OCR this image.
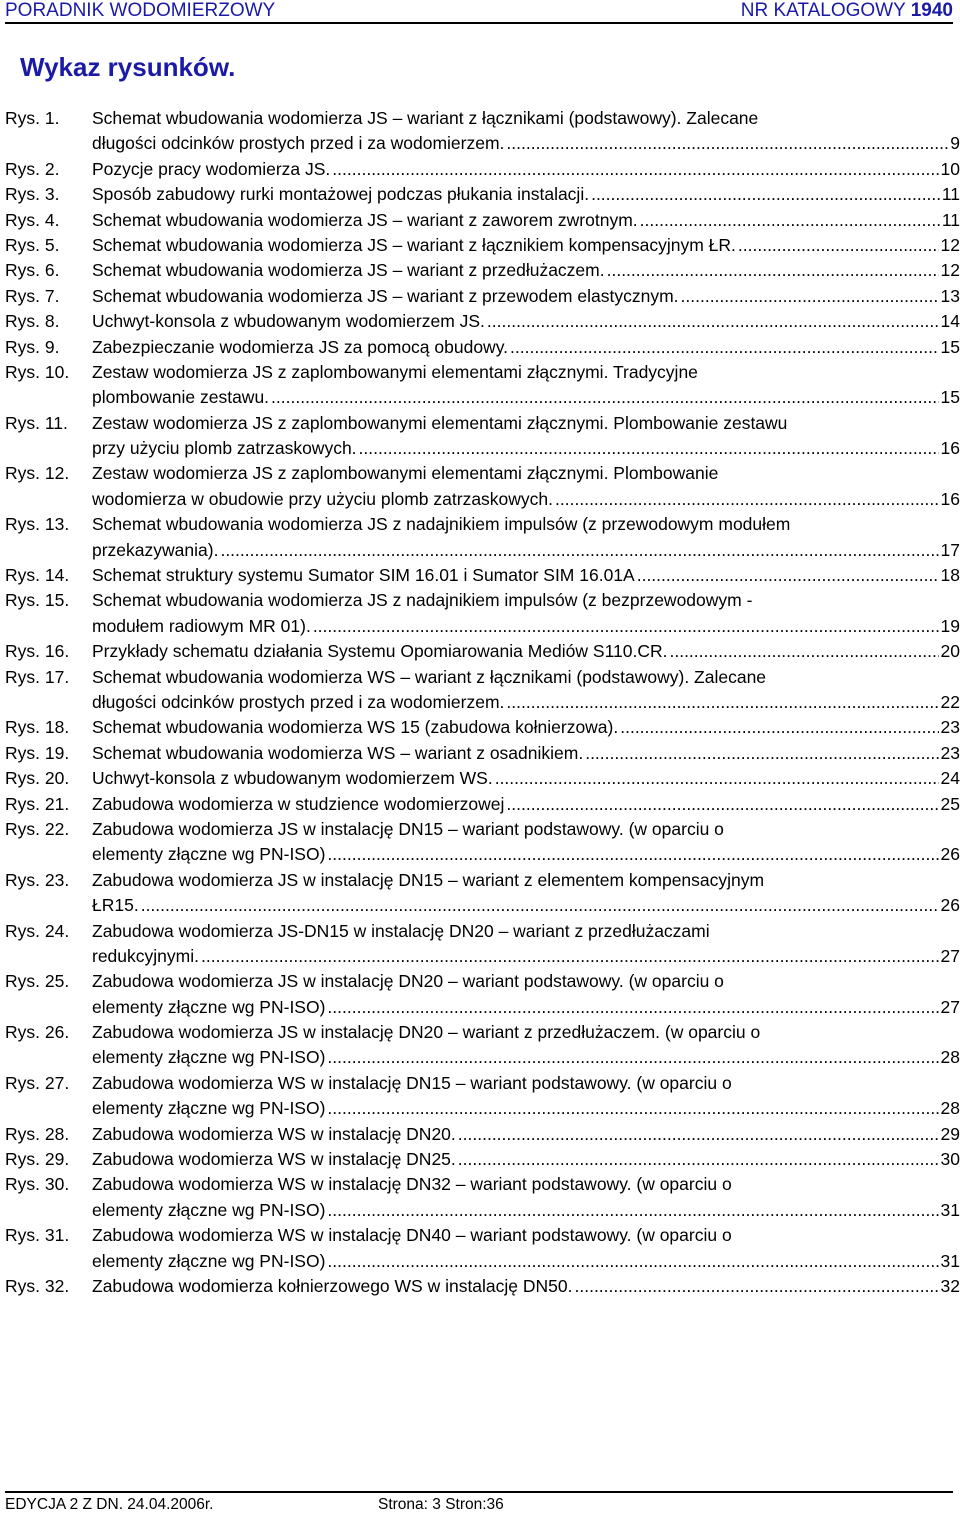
PORADNIK WODOMIERZOWY	NR KATALOGOWY 1940
Wykaz rysunków.
Rys. 1.	Schemat wbudowania wodomierza JS – wariant z łącznikami (podstawowy). Zalecane
długości odcinków prostych przed i za wodomierzem. .....	9
Rys. 2.	Pozycje pracy wodomierza JS. .....	10
Rys. 3.	Sposób zabudowy rurki montażowej podczas płukania instalacji. .....	11
Rys. 4.	Schemat wbudowania wodomierza JS – wariant z zaworem zwrotnym. .....	11
Rys. 5.	Schemat wbudowania wodomierza JS – wariant z łącznikiem kompensacyjnym ŁR. .....	12
Rys. 6.	Schemat wbudowania wodomierza JS – wariant z przedłużaczem. .....	12
Rys. 7.	Schemat wbudowania wodomierza JS – wariant z przewodem elastycznym. .....	13
Rys. 8.	Uchwyt-konsola z wbudowanym wodomierzem JS. .....	14
Rys. 9.	Zabezpieczanie wodomierza JS za pomocą obudowy. .....	15
Rys. 10.	Zestaw wodomierza JS z zaplombowanymi elementami złącznymi. Tradycyjne
plombowanie zestawu. .....	15
Rys. 11.	Zestaw wodomierza JS z zaplombowanymi elementami złącznymi. Plombowanie zestawu
przy użyciu plomb zatrzaskowych. .....	16
Rys. 12.	Zestaw wodomierza JS z zaplombowanymi elementami złącznymi. Plombowanie
wodomierza w obudowie przy użyciu plomb zatrzaskowych. .....	16
Rys. 13.	Schemat wbudowania wodomierza JS z nadajnikiem impulsów (z przewodowym modułem
przekazywania). .....	17
Rys. 14.	Schemat struktury systemu Sumator SIM 16.01 i Sumator SIM 16.01A .....	18
Rys. 15.	Schemat wbudowania wodomierza JS z nadajnikiem impulsów (z bezprzewodowym -
modułem radiowym MR 01). .....	19
Rys. 16.	Przykłady schematu działania Systemu Opomiarowania Mediów S110.CR. .....	20
Rys. 17.	Schemat wbudowania wodomierza WS – wariant z łącznikami (podstawowy). Zalecane
długości odcinków prostych przed i za wodomierzem. .....	22
Rys. 18.	Schemat wbudowania wodomierza WS 15 (zabudowa kołnierzowa). .....	23
Rys. 19.	Schemat wbudowania wodomierza WS – wariant z osadnikiem. .....	23
Rys. 20.	Uchwyt-konsola z wbudowanym wodomierzem WS. .....	24
Rys. 21.	Zabudowa wodomierza w studzience wodomierzowej .....	25
Rys. 22.	Zabudowa wodomierza JS w instalację DN15 – wariant podstawowy. (w oparciu o
elementy złączne wg PN-ISO) .....	26
Rys. 23.	Zabudowa wodomierza JS w instalację DN15 – wariant z elementem kompensacyjnym
ŁR15. .....	26
Rys. 24.	Zabudowa wodomierza JS-DN15 w instalację DN20 – wariant z przedłużaczami
redukcyjnymi. .....	27
Rys. 25.	Zabudowa wodomierza JS w instalację DN20 – wariant podstawowy. (w oparciu o
elementy złączne wg PN-ISO) .....	27
Rys. 26.	Zabudowa wodomierza JS w instalację DN20 – wariant z przedłużaczem. (w oparciu o
elementy złączne wg PN-ISO) .....	28
Rys. 27.	Zabudowa wodomierza WS w instalację DN15 – wariant podstawowy. (w oparciu o
elementy złączne wg PN-ISO) .....	28
Rys. 28.	Zabudowa wodomierza WS w instalację DN20. .....	29
Rys. 29.	Zabudowa wodomierza WS w instalację DN25. .....	30
Rys. 30.	Zabudowa wodomierza WS w instalację DN32 – wariant podstawowy. (w oparciu o
elementy złączne wg PN-ISO) .....	31
Rys. 31.	Zabudowa wodomierza WS w instalację DN40 – wariant podstawowy. (w oparciu o
elementy złączne wg PN-ISO) .....	31
Rys. 32.	Zabudowa wodomierza kołnierzowego WS w instalację DN50. .....	32
EDYCJA 2 Z DN. 24.04.2006r.	Strona: 3 Stron:36
